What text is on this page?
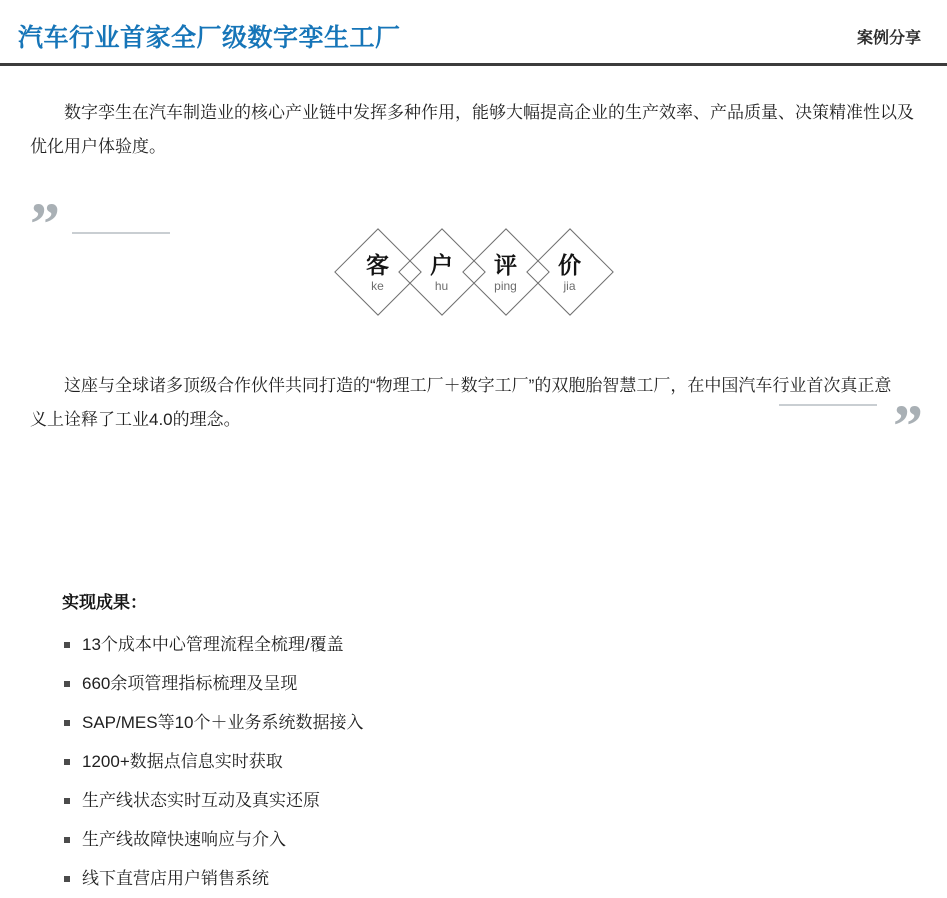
汽车行业首家全厂级数字孪生工厂	案例分享

数字孪生在汽车制造业的核心产业链中发挥多种作用，能够大幅提高企业的生产效率、产品质量、决策精准性以及优化用户体验度。

”
客
ke
户
hu
评
ping
价
jia

这座与全球诸多顶级合作伙伴共同打造的“物理工厂＋数字工厂”的双胞胎智慧工厂，在中国汽车行业首次真正意义上诠释了工业4.0的理念。	”
实现成果：
13个成本中心管理流程全梳理/覆盖
660余项管理指标梳理及呈现
SAP/MES等10个＋业务系统数据接入
1200+数据点信息实时获取
生产线状态实时互动及真实还原
生产线故障快速响应与介入
线下直营店用户销售系统
